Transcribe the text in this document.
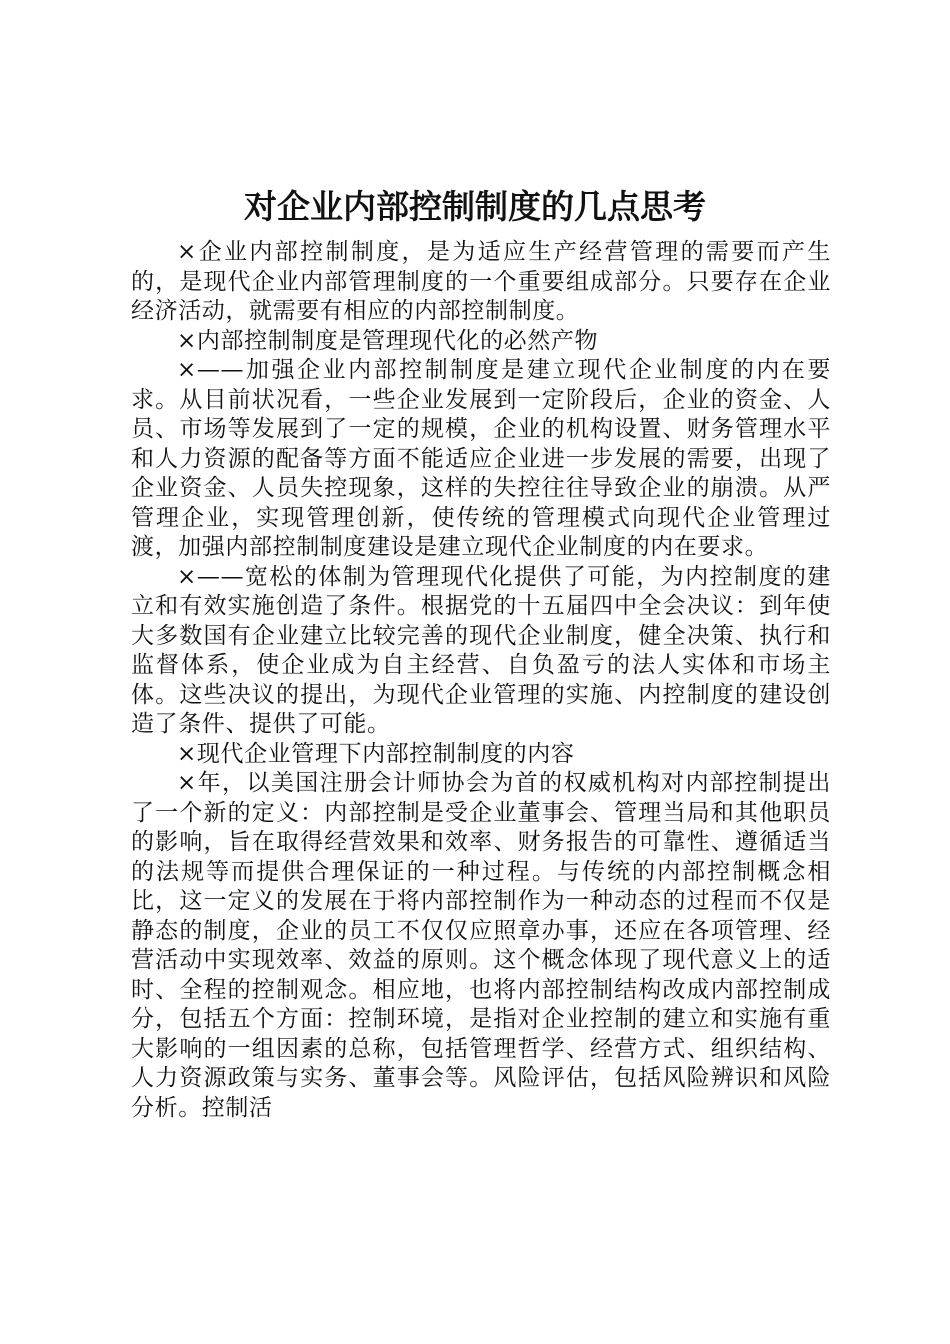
对企业内部控制制度的几点思考

×企业内部控制制度，是为适应生产经营管理的需要而产生的，是现代企业内部管理制度的一个重要组成部分。只要存在企业经济活动，就需要有相应的内部控制制度。

×内部控制制度是管理现代化的必然产物

×——加强企业内部控制制度是建立现代企业制度的内在要求。从目前状况看，一些企业发展到一定阶段后，企业的资金、人员、市场等发展到了一定的规模，企业的机构设置、财务管理水平和人力资源的配备等方面不能适应企业进一步发展的需要，出现了企业资金、人员失控现象，这样的失控往往导致企业的崩溃。从严管理企业，实现管理创新，使传统的管理模式向现代企业管理过渡，加强内部控制制度建设是建立现代企业制度的内在要求。

×——宽松的体制为管理现代化提供了可能，为内控制度的建立和有效实施创造了条件。根据党的十五届四中全会决议：到年使大多数国有企业建立比较完善的现代企业制度，健全决策、执行和监督体系，使企业成为自主经营、自负盈亏的法人实体和市场主体。这些决议的提出，为现代企业管理的实施、内控制度的建设创造了条件、提供了可能。

×现代企业管理下内部控制制度的内容

×年，以美国注册会计师协会为首的权威机构对内部控制提出了一个新的定义：内部控制是受企业董事会、管理当局和其他职员的影响，旨在取得经营效果和效率、财务报告的可靠性、遵循适当的法规等而提供合理保证的一种过程。与传统的内部控制概念相比，这一定义的发展在于将内部控制作为一种动态的过程而不仅是静态的制度，企业的员工不仅仅应照章办事，还应在各项管理、经营活动中实现效率、效益的原则。这个概念体现了现代意义上的适时、全程的控制观念。相应地，也将内部控制结构改成内部控制成分，包括五个方面：控制环境，是指对企业控制的建立和实施有重大影响的一组因素的总称，包括管理哲学、经营方式、组织结构、人力资源政策与实务、董事会等。风险评估，包括风险辨识和风险分析。控制活
